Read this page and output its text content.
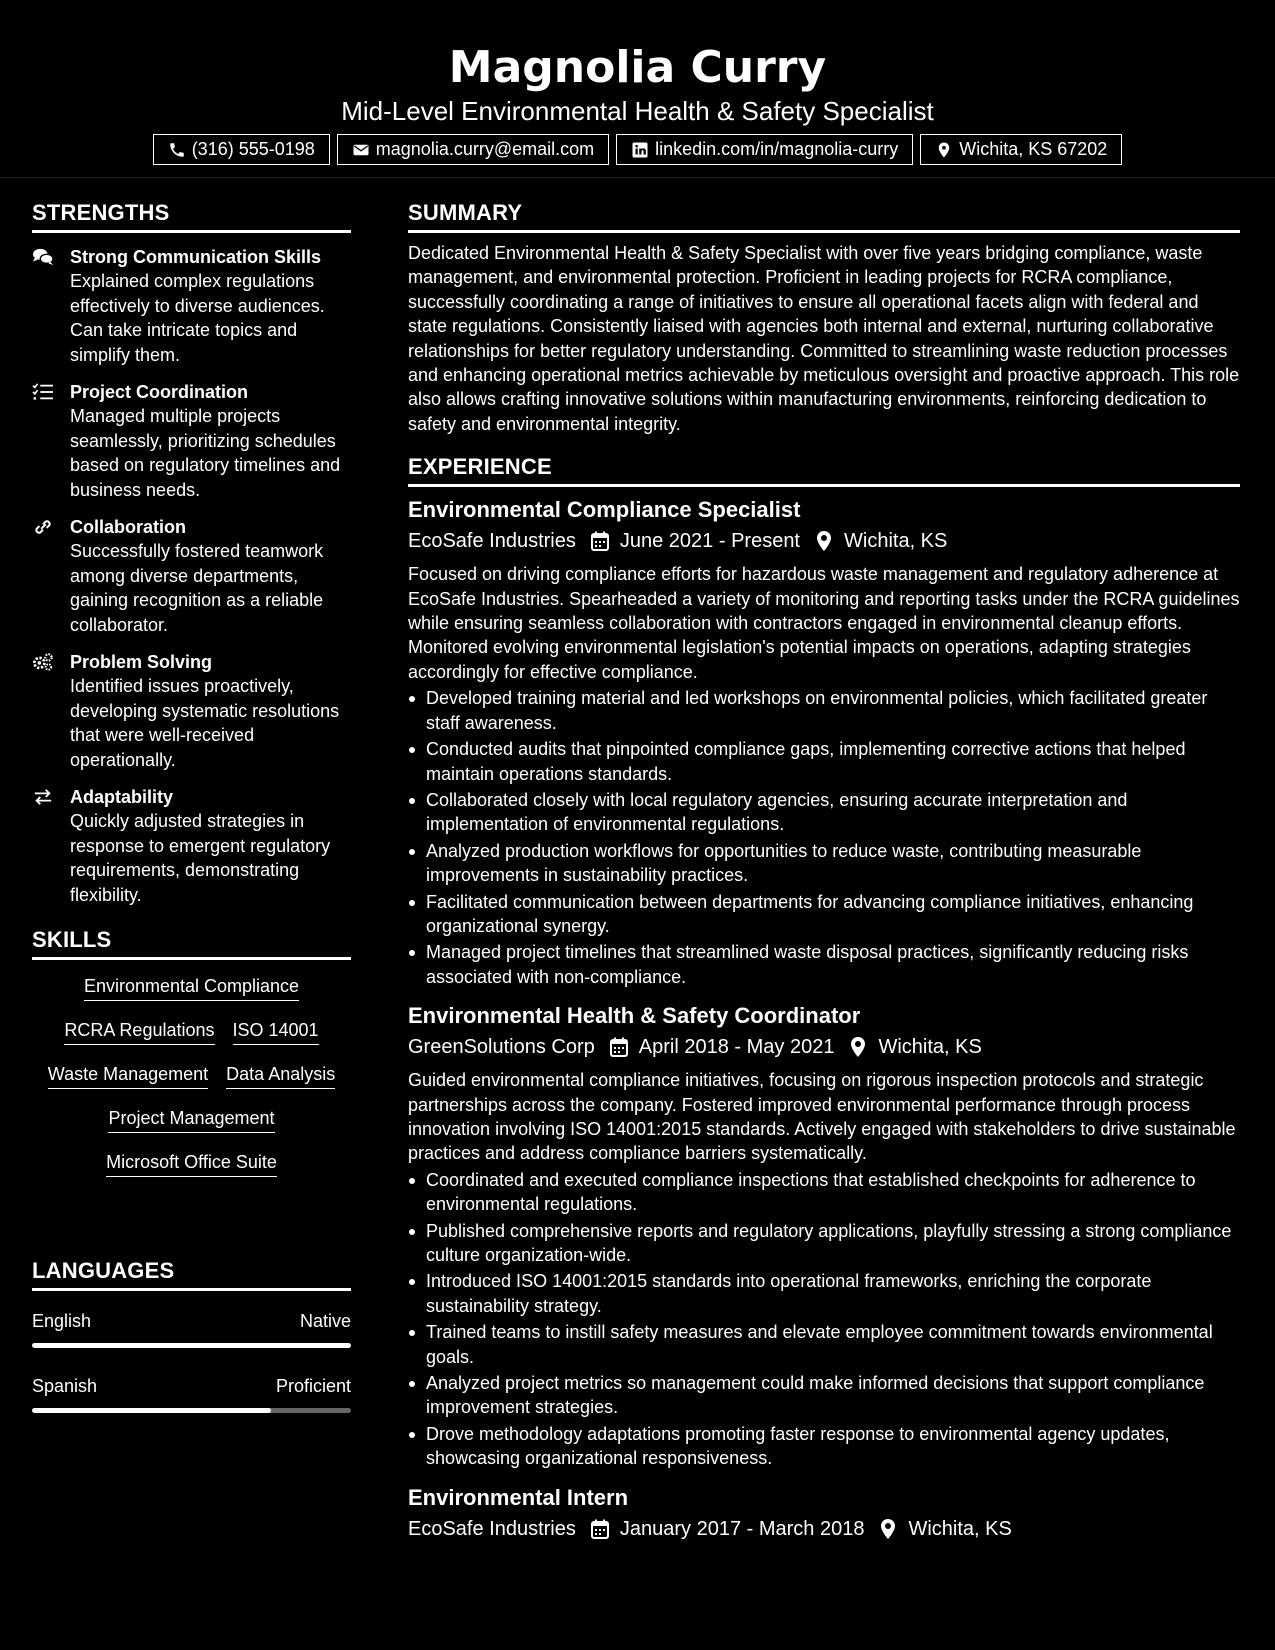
Magnolia Curry
Mid-Level Environmental Health & Safety Specialist
(316) 555-0198	magnolia.curry@email.com	linkedin.com/in/magnolia-curry	Wichita, KS 67202
STRENGTHS
Strong Communication Skills
Explained complex regulations effectively to diverse audiences. Can take intricate topics and simplify them.
Project Coordination
Managed multiple projects seamlessly, prioritizing schedules based on regulatory timelines and business needs.
Collaboration
Successfully fostered teamwork among diverse departments, gaining recognition as a reliable collaborator.
Problem Solving
Identified issues proactively, developing systematic resolutions that were well-received operationally.
Adaptability
Quickly adjusted strategies in response to emergent regulatory requirements, demonstrating flexibility.
SKILLS
Environmental Compliance
RCRA Regulations ISO 14001
Waste Management Data Analysis
Project Management
Microsoft Office Suite
LANGUAGES
English	Native
Spanish	Proficient
SUMMARY
Dedicated Environmental Health & Safety Specialist with over five years bridging compliance, waste management, and environmental protection. Proficient in leading projects for RCRA compliance, successfully coordinating a range of initiatives to ensure all operational facets align with federal and state regulations. Consistently liaised with agencies both internal and external, nurturing collaborative relationships for better regulatory understanding. Committed to streamlining waste reduction processes and enhancing operational metrics achievable by meticulous oversight and proactive approach. This role also allows crafting innovative solutions within manufacturing environments, reinforcing dedication to safety and environmental integrity.
EXPERIENCE
Environmental Compliance Specialist
EcoSafe Industries June 2021 - Present Wichita, KS
Focused on driving compliance efforts for hazardous waste management and regulatory adherence at EcoSafe Industries. Spearheaded a variety of monitoring and reporting tasks under the RCRA guidelines while ensuring seamless collaboration with contractors engaged in environmental cleanup efforts. Monitored evolving environmental legislation's potential impacts on operations, adapting strategies accordingly for effective compliance.
Developed training material and led workshops on environmental policies, which facilitated greater staff awareness.
Conducted audits that pinpointed compliance gaps, implementing corrective actions that helped maintain operations standards.
Collaborated closely with local regulatory agencies, ensuring accurate interpretation and implementation of environmental regulations.
Analyzed production workflows for opportunities to reduce waste, contributing measurable improvements in sustainability practices.
Facilitated communication between departments for advancing compliance initiatives, enhancing organizational synergy.
Managed project timelines that streamlined waste disposal practices, significantly reducing risks associated with non-compliance.
Environmental Health & Safety Coordinator
GreenSolutions Corp April 2018 - May 2021 Wichita, KS
Guided environmental compliance initiatives, focusing on rigorous inspection protocols and strategic partnerships across the company. Fostered improved environmental performance through process innovation involving ISO 14001:2015 standards. Actively engaged with stakeholders to drive sustainable practices and address compliance barriers systematically.
Coordinated and executed compliance inspections that established checkpoints for adherence to environmental regulations.
Published comprehensive reports and regulatory applications, playfully stressing a strong compliance culture organization-wide.
Introduced ISO 14001:2015 standards into operational frameworks, enriching the corporate sustainability strategy.
Trained teams to instill safety measures and elevate employee commitment towards environmental goals.
Analyzed project metrics so management could make informed decisions that support compliance improvement strategies.
Drove methodology adaptations promoting faster response to environmental agency updates, showcasing organizational responsiveness.
Environmental Intern
EcoSafe Industries January 2017 - March 2018 Wichita, KS
